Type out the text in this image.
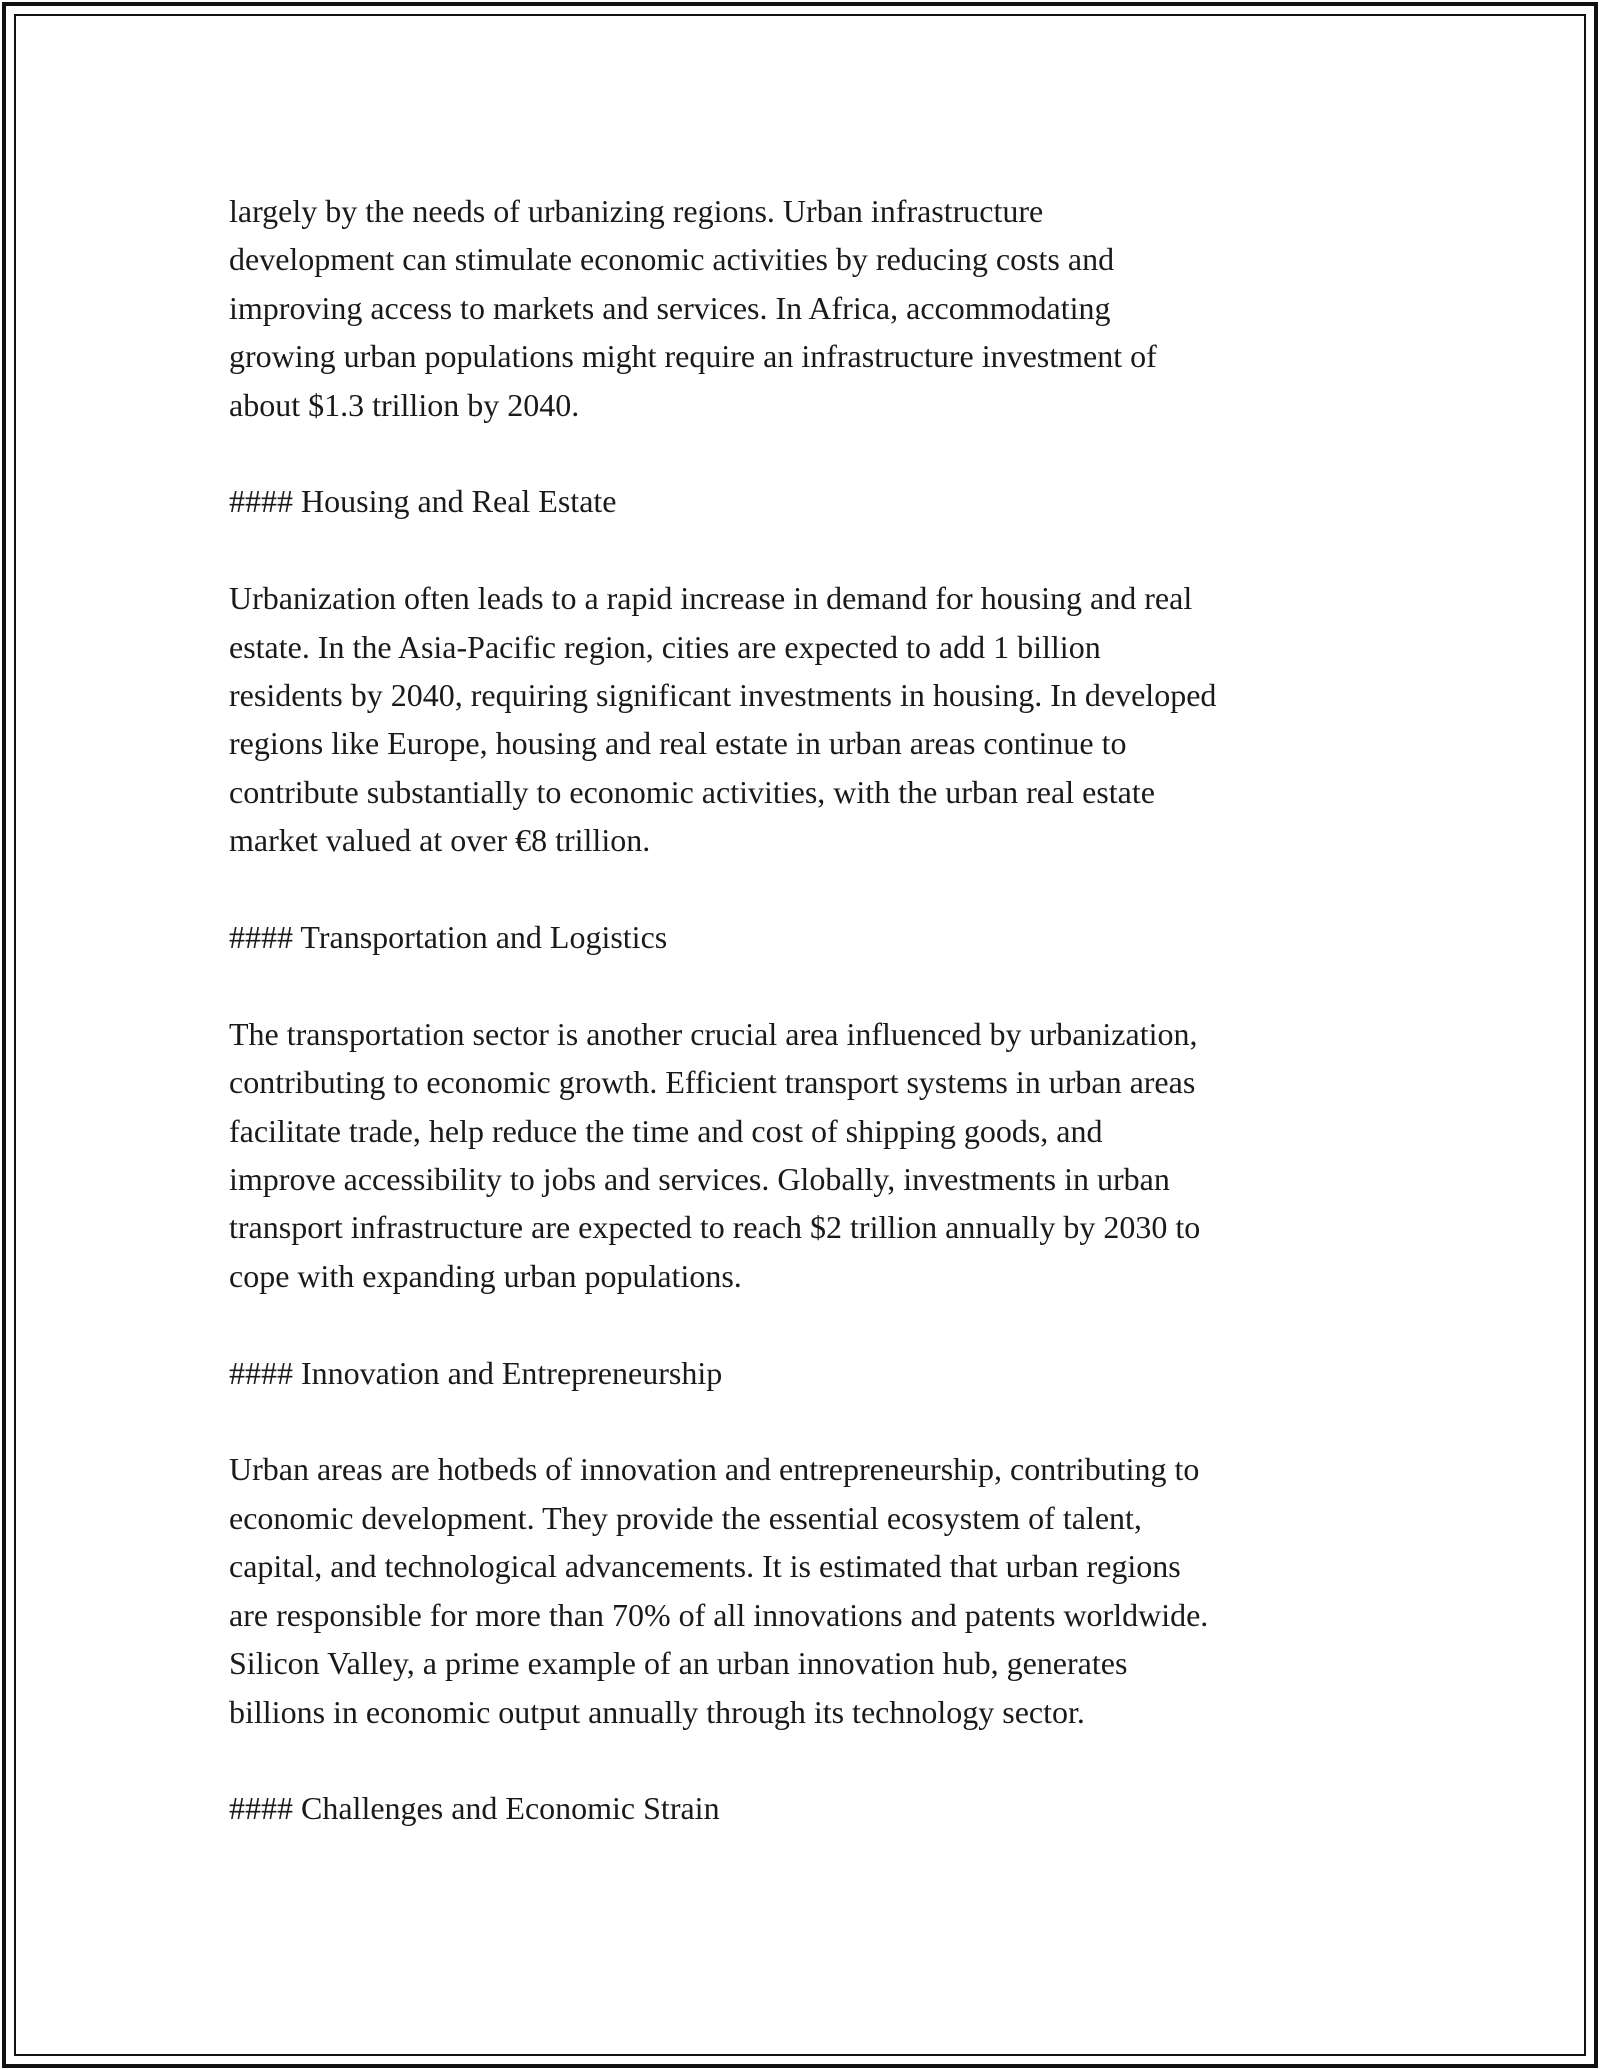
largely by the needs of urbanizing regions. Urban infrastructure
development can stimulate economic activities by reducing costs and
improving access to markets and services. In Africa, accommodating
growing urban populations might require an infrastructure investment of
about $1.3 trillion by 2040.

#### Housing and Real Estate

Urbanization often leads to a rapid increase in demand for housing and real
estate. In the Asia-Pacific region, cities are expected to add 1 billion
residents by 2040, requiring significant investments in housing. In developed
regions like Europe, housing and real estate in urban areas continue to
contribute substantially to economic activities, with the urban real estate
market valued at over €8 trillion.

#### Transportation and Logistics

The transportation sector is another crucial area influenced by urbanization,
contributing to economic growth. Efficient transport systems in urban areas
facilitate trade, help reduce the time and cost of shipping goods, and
improve accessibility to jobs and services. Globally, investments in urban
transport infrastructure are expected to reach $2 trillion annually by 2030 to
cope with expanding urban populations.

#### Innovation and Entrepreneurship

Urban areas are hotbeds of innovation and entrepreneurship, contributing to
economic development. They provide the essential ecosystem of talent,
capital, and technological advancements. It is estimated that urban regions
are responsible for more than 70% of all innovations and patents worldwide.
Silicon Valley, a prime example of an urban innovation hub, generates
billions in economic output annually through its technology sector.

#### Challenges and Economic Strain
